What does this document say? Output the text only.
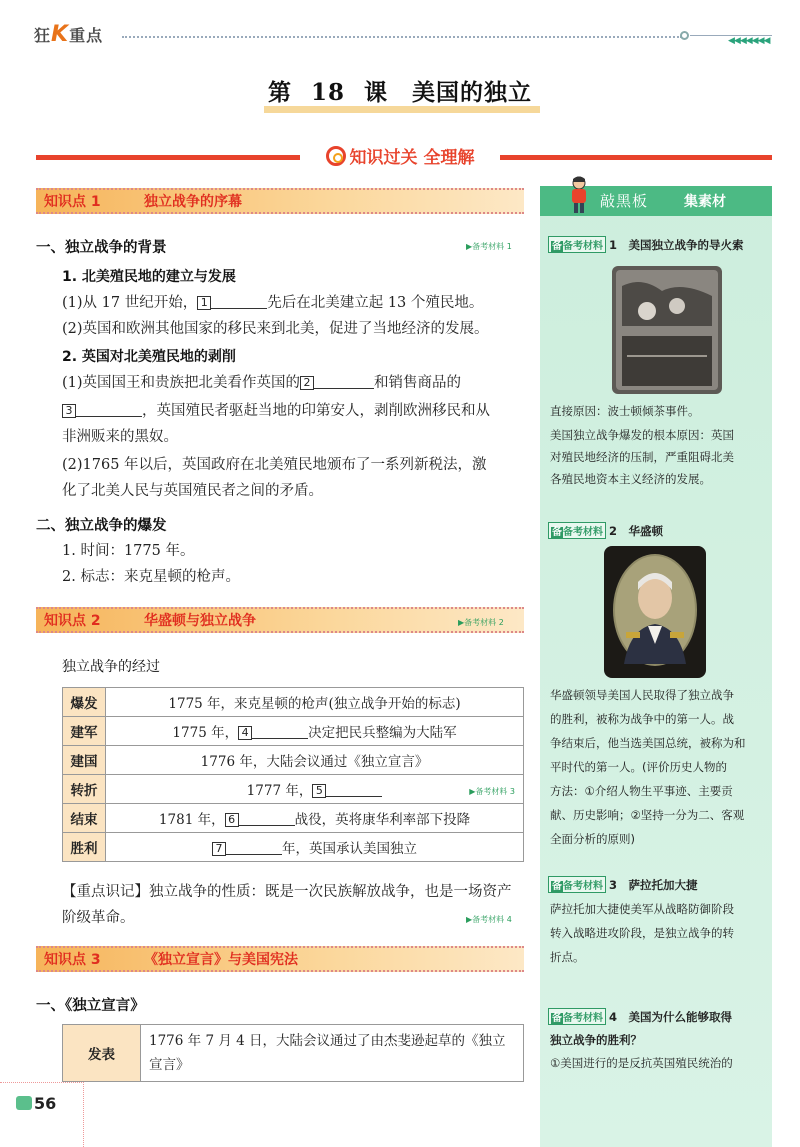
狂K重点	◀◀◀◀◀◀◀
第 18 课　美国的独立
知识过关 全理解
知识点 1	独立战争的序幕
一、独立战争的背景	▶备考材料 1
1. 北美殖民地的建立与发展
(1)从 17 世纪开始， 1	先后在北美建立起 13 个殖民地。
(2)英国和欧洲其他国家的移民来到北美，促进了当地经济的发展。
2. 英国对北美殖民地的剥削
(1)英国国王和贵族把北美看作英国的 2	和销售商品的
3	，英国殖民者驱赶当地的印第安人，剥削欧洲移民和从
非洲贩来的黑奴。
(2)1765 年以后，英国政府在北美殖民地颁布了一系列新税法，激
化了北美人民与英国殖民者之间的矛盾。
二、独立战争的爆发
1. 时间：1775 年。
2. 标志：来克星顿的枪声。
知识点 2	华盛顿与独立战争	▶备考材料 2
独立战争的经过
爆发	1775 年，来克星顿的枪声(独立战争开始的标志)
建军	1775 年， 4 决定把民兵整编为大陆军
建国	1776 年，大陆会议通过《独立宣言》
转折	1777 年， 5 ▶备考材料 3

结束	1781 年， 6 战役，英将康华利率部下投降
胜利	7 年，英国承认美国独立
【重点识记】独立战争的性质：既是一次民族解放战争，也是一场资产
阶级革命。	▶备考材料 4
知识点 3	《独立宣言》与美国宪法
一、《独立宣言》
发表	1776 年 7 月 4 日，大陆会议通过了由杰斐逊起草的《独立宣言》
敲黑板	集素材
备备考材料 1　 美国独立战争的导火索
直接原因：波士顿倾茶事件。
美国独立战争爆发的根本原因：英国
对殖民地经济的压制，严重阻碍北美
各殖民地资本主义经济的发展。
备备考材料 2　 华盛顿
华盛顿领导美国人民取得了独立战争
的胜利，被称为战争中的第一人。战
争结束后，他当选美国总统，被称为和
平时代的第一人。(评价历史人物的
方法：①介绍人物生平事迹、主要贡
献、历史影响；②坚持一分为二、客观
全面分析的原则)
备备考材料 3　 萨拉托加大捷
萨拉托加大捷使美军从战略防御阶段
转入战略进攻阶段，是独立战争的转
折点。
备备考材料 4　 美国为什么能够取得
独立战争的胜利？
①美国进行的是反抗英国殖民统治的
56
